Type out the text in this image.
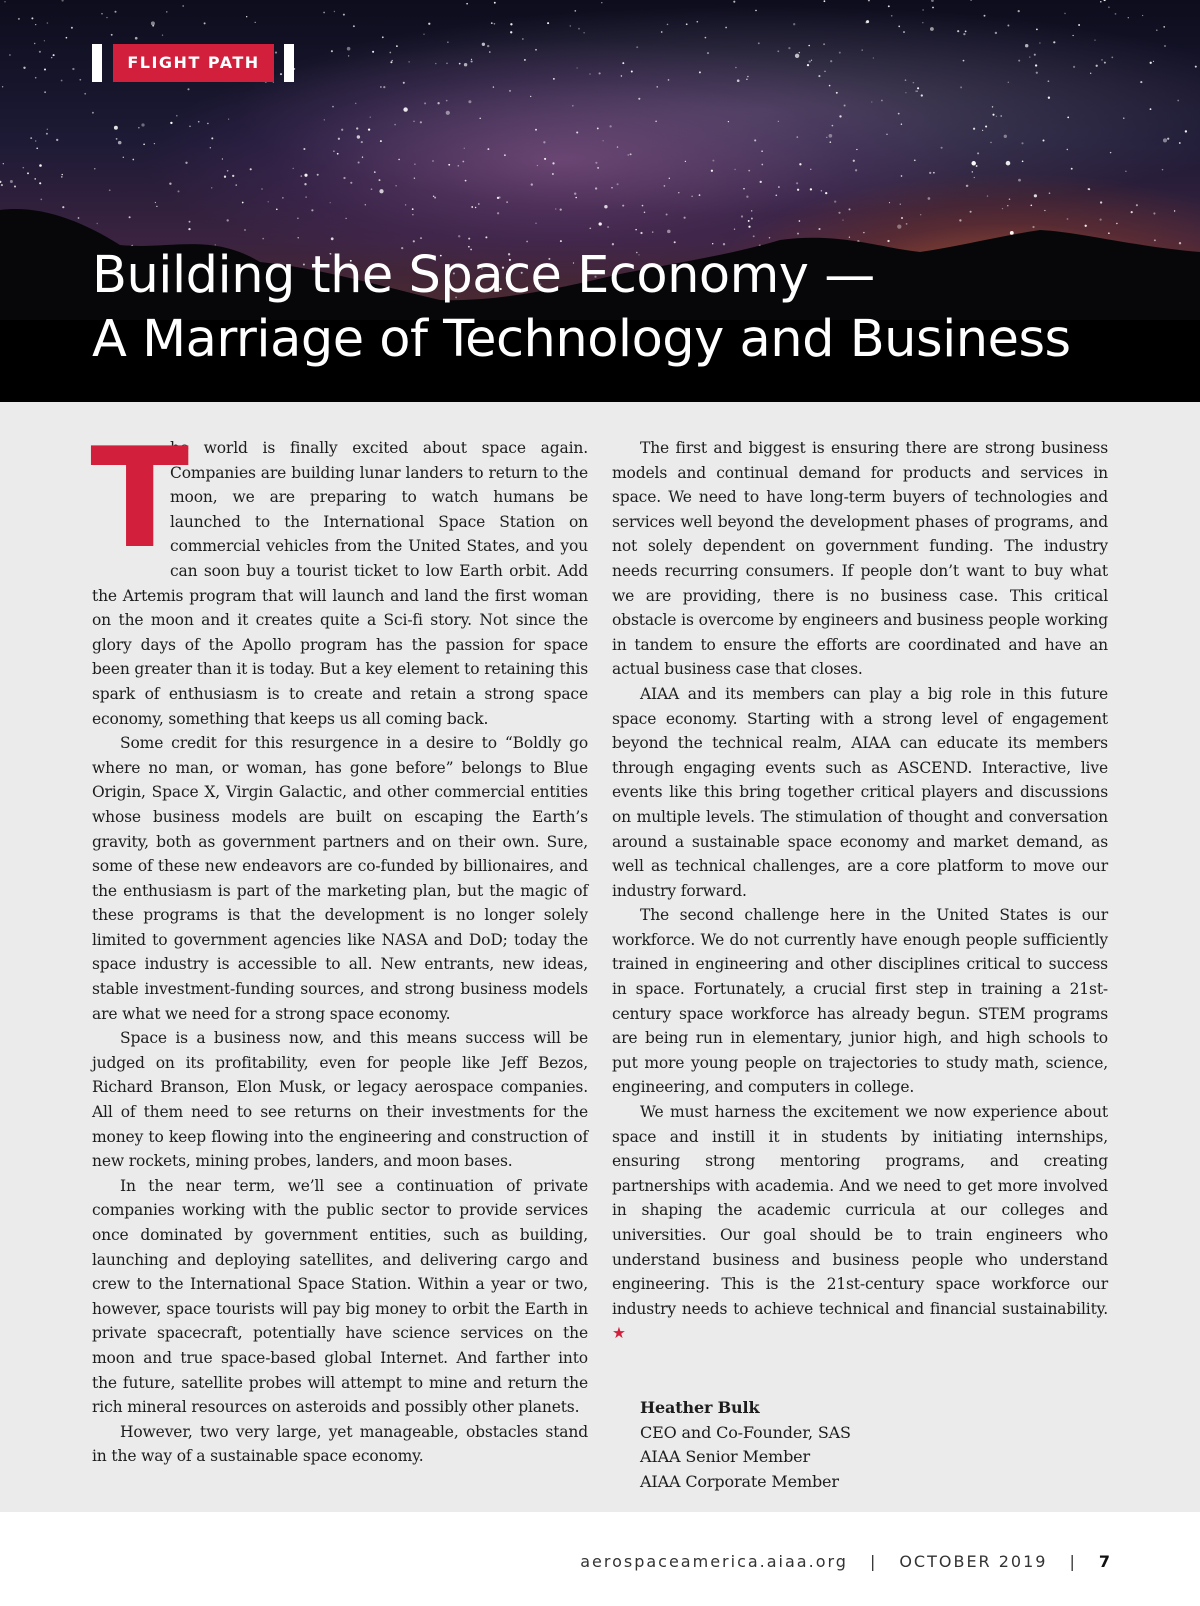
FLIGHT PATH
Building the Space Economy —
A Marriage of Technology and Business

T
he world is finally excited about space again. Companies are building lunar landers to return to the moon, we are preparing to watch humans be launched to the International Space Station on commercial vehicles from the United States, and you can soon buy a tourist ticket to low Earth orbit. Add the Artemis program that will launch and land the first woman on the moon and it creates quite a Sci-fi story. Not since the glory days of the Apollo program has the passion for space been greater than it is today. But a key element to retaining this spark of enthusiasm is to create and retain a strong space economy, something that keeps us all coming back.

Some credit for this resurgence in a desire to “Boldly go where no man, or woman, has gone before” belongs to Blue Origin, Space X, Virgin Galactic, and other commercial entities whose business models are built on escaping the Earth’s gravity, both as government partners and on their own. Sure, some of these new endeavors are co-funded by billionaires, and the enthusiasm is part of the marketing plan, but the magic of these programs is that the development is no longer solely limited to government agencies like NASA and DoD; today the space industry is accessible to all. New entrants, new ideas, stable investment-funding sources, and strong business models are what we need for a strong space economy.

Space is a business now, and this means success will be judged on its profitability, even for people like Jeff Bezos, Richard Branson, Elon Musk, or legacy aerospace companies. All of them need to see returns on their investments for the money to keep flowing into the engineering and construction of new rockets, mining probes, landers, and moon bases.

In the near term, we’ll see a continuation of private companies working with the public sector to provide services once dominated by government entities, such as building, launching and deploying satellites, and delivering cargo and crew to the International Space Station. Within a year or two, however, space tourists will pay big money to orbit the Earth in private spacecraft, potentially have science services on the moon and true space-based global Internet. And farther into the future, satellite probes will attempt to mine and return the rich mineral resources on asteroids and possibly other planets.

However, two very large, yet manageable, obstacles stand in the way of a sustainable space economy.

The first and biggest is ensuring there are strong business models and continual demand for products and services in space. We need to have long-term buyers of technologies and services well beyond the development phases of programs, and not solely dependent on government funding. The industry needs recurring consumers. If people don’t want to buy what we are providing, there is no business case. This critical obstacle is overcome by engineers and business people working in tandem to ensure the efforts are coordinated and have an actual business case that closes.

AIAA and its members can play a big role in this future space economy. Starting with a strong level of engagement beyond the technical realm, AIAA can educate its members through engaging events such as ASCEND. Interactive, live events like this bring together critical players and discussions on multiple levels. The stimulation of thought and conversation around a sustainable space economy and market demand, as well as technical challenges, are a core platform to move our industry forward.

The second challenge here in the United States is our workforce. We do not currently have enough people sufficiently trained in engineering and other disciplines critical to success in space. Fortunately, a crucial first step in training a 21st-century space workforce has already begun. STEM programs are being run in elementary, junior high, and high schools to put more young people on trajectories to study math, science, engineering, and computers in college.

We must harness the excitement we now experience about space and instill it in students by initiating internships, ensuring strong mentoring programs, and creating partnerships with academia. And we need to get more involved in shaping the academic curricula at our colleges and universities. Our goal should be to train engineers who understand business and business people who understand engineering. This is the 21st-century space workforce our industry needs to achieve technical and financial sustainability. ★

Heather Bulk
CEO and Co-Founder, SAS
AIAA Senior Member
AIAA Corporate Member
aerospaceamerica.aiaa.org | OCTOBER 2019 | 7
